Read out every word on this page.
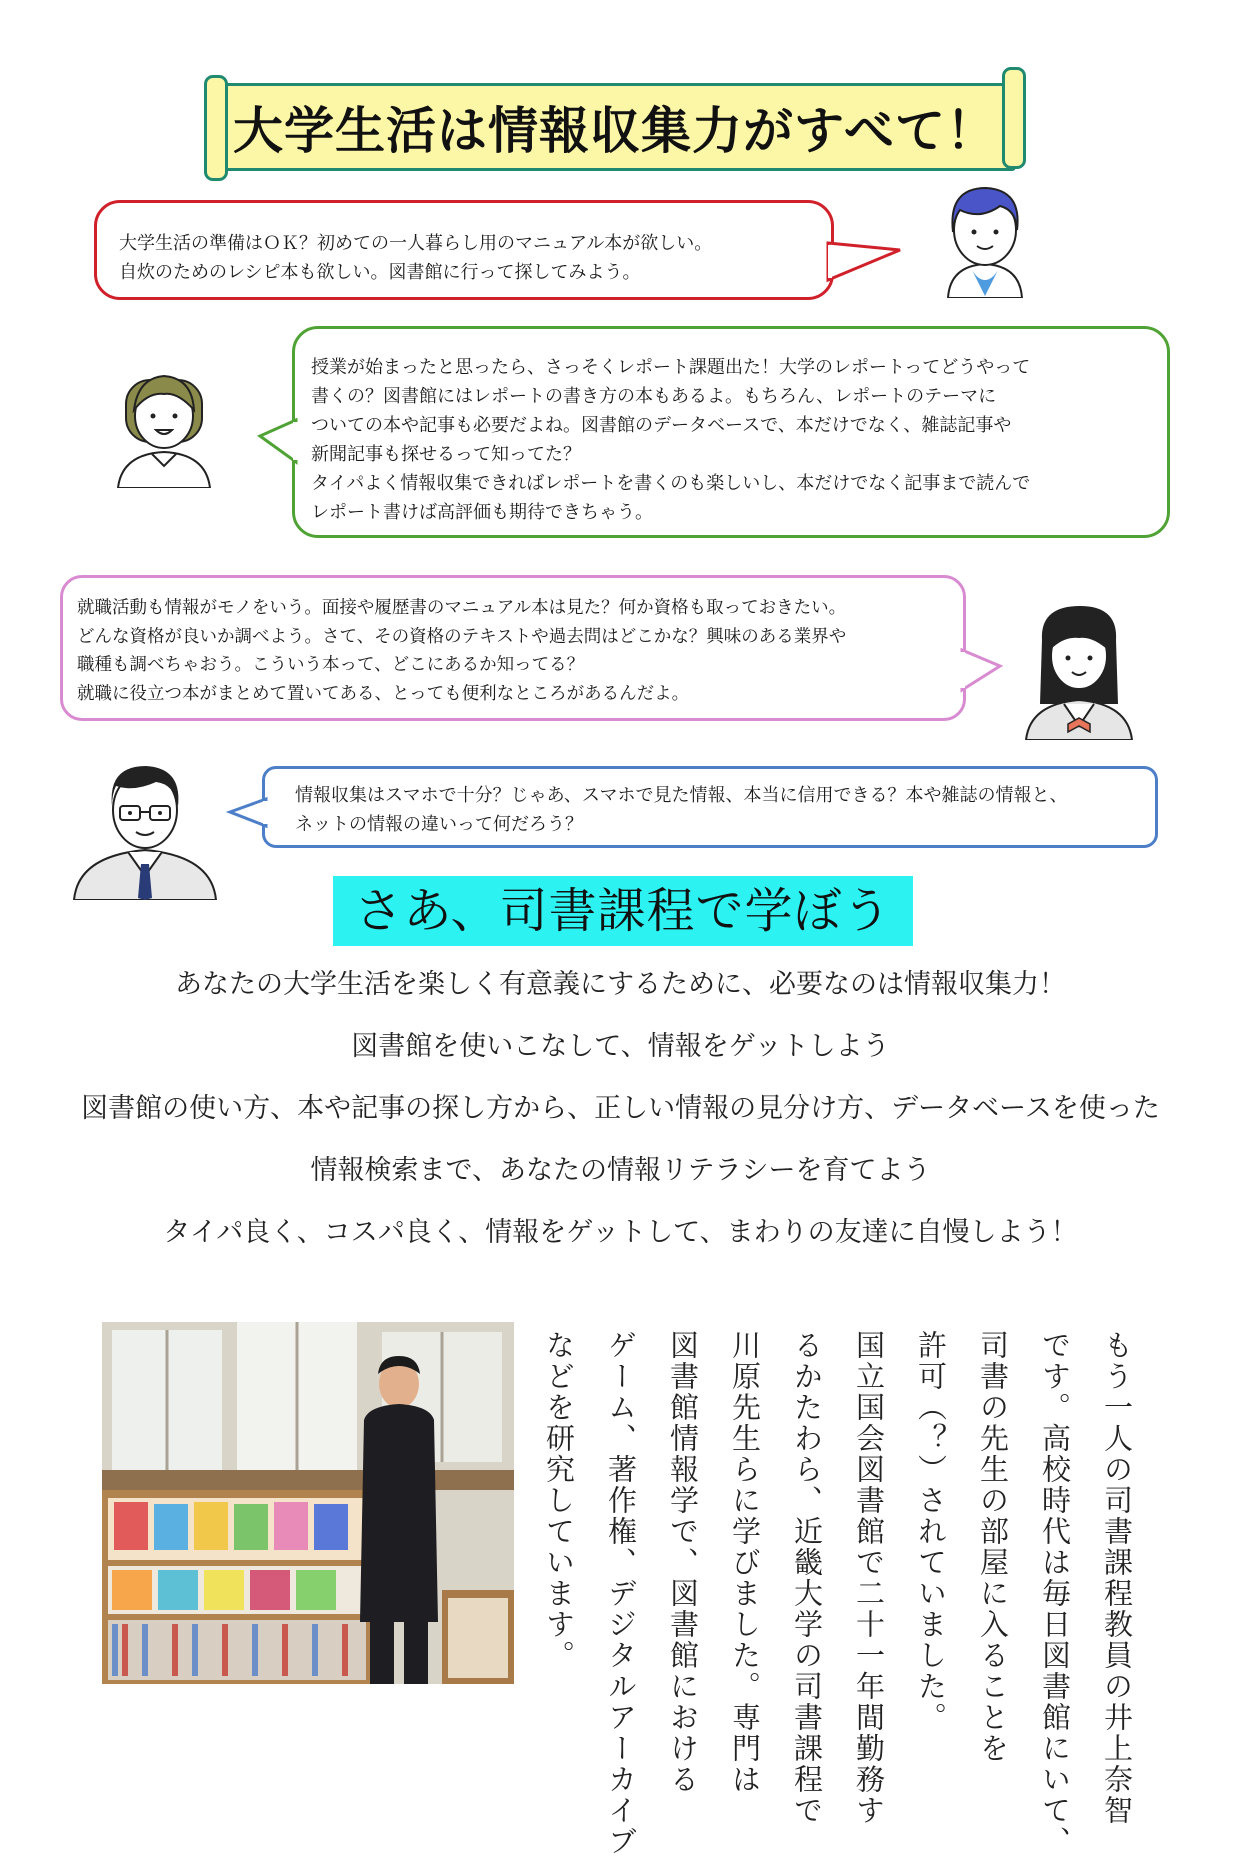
大学生活は情報収集力がすべて！
大学生活の準備はＯＫ？初めての一人暮らし用のマニュアル本が欲しい。
自炊のためのレシピ本も欲しい。図書館に行って探してみよう。
授業が始まったと思ったら、さっそくレポート課題出た！大学のレポートってどうやって
書くの？図書館にはレポートの書き方の本もあるよ。もちろん、レポートのテーマに
ついての本や記事も必要だよね。図書館のデータベースで、本だけでなく、雑誌記事や
新聞記事も探せるって知ってた？
タイパよく情報収集できればレポートを書くのも楽しいし、本だけでなく記事まで読んで
レポート書けば高評価も期待できちゃう。
就職活動も情報がモノをいう。面接や履歴書のマニュアル本は見た？何か資格も取っておきたい。
どんな資格が良いか調べよう。さて、その資格のテキストや過去問はどこかな？興味のある業界や
職種も調べちゃおう。こういう本って、どこにあるか知ってる？
就職に役立つ本がまとめて置いてある、とっても便利なところがあるんだよ。
情報収集はスマホで十分？じゃあ、スマホで見た情報、本当に信用できる？本や雑誌の情報と、
ネットの情報の違いって何だろう？
さあ、司書課程で学ぼう
あなたの大学生活を楽しく有意義にするために、必要なのは情報収集力！
図書館を使いこなして、情報をゲットしよう
図書館の使い方、本や記事の探し方から、正しい情報の見分け方、データベースを使った
情報検索まで、あなたの情報リテラシーを育てよう
タイパ良く、コスパ良く、情報をゲットして、まわりの友達に自慢しよう！
もう一人の司書課程教員の井上奈智
です。高校時代は毎日図書館にいて、
司書の先生の部屋に入ることを
許可（？）されていました。
国立国会図書館で二十一年間勤務す
るかたわら、近畿大学の司書課程で
川原先生らに学びました。専門は
図書館情報学で、図書館における
ゲーム、著作権、デジタルアーカイブ
などを研究しています。
